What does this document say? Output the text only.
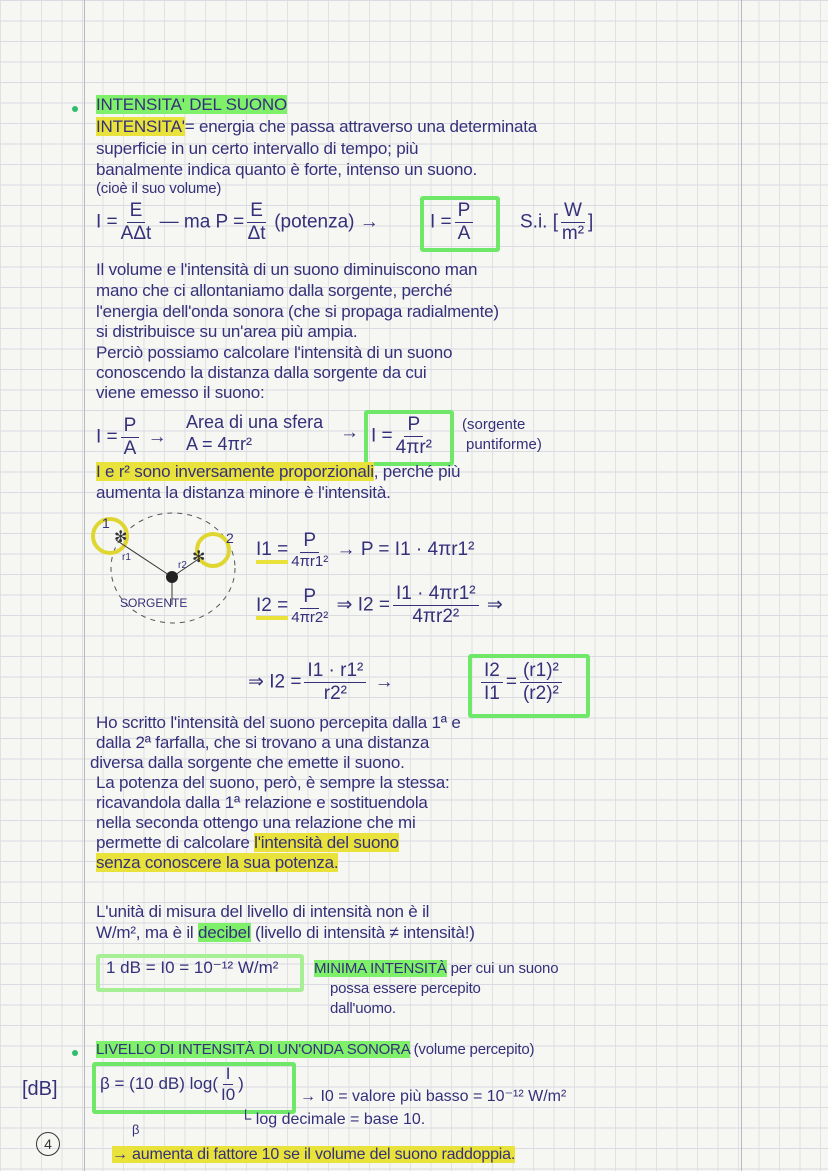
INTENSITA' DEL SUONO
INTENSITA'= energia che passa attraverso una determinata
superficie in un certo intervallo di tempo; più
banalmente indica quanto è forte, intenso un suono.
(cioè il suo volume)
$I = \frac{E}{\text{AΔt}}$ — ma $P = \frac{E}{\Delta t}$ (potenza) →	$I = \frac{P}{A} S.i$. [ $\frac{W}{\text{m²}}$ ]
Il volume e l'intensità di un suono diminuiscono man
mano che ci allontaniamo dalla sorgente, perché
l'energia dell'onda sonora (che si propaga radialmente)
si distribuisce su un'area più ampia.
Perciò possiamo calcolare l'intensità di un suono
conoscendo la distanza dalla sorgente da cui
viene emesso il suono:
$I = \frac{P}{A}$ →
Area di una sfera
A = 4πr²
→ $I = \frac{P}{\text{4πr²}}$ (sorgente
puntiforme)
I e r² sono inversamente proporzionali, perché più
aumenta la distanza minore è l'intensità.
✻
✻
1
2
r1
r2
SORGENTE
$I1 = \frac{P}{\text{4πr1²}} \to P = I1 \cdot 4\pi r1^2$
$I2 = \frac{P}{\text{4πr2²}}$ ⇒ $I2 = \frac{\text{I1 · 4πr1²}}{\text{4πr2²}}$ ⇒
⇒ $I2 = \frac{\text{I1 · r1²}}{\text{r2²}}$ →	$\frac{I2}{I1} = \frac{\text{(r1)²}}{\text{(r2)²}}$
Ho scritto l'intensità del suono percepita dalla 1ª e
dalla 2ª farfalla, che si trovano a una distanza
diversa dalla sorgente che emette il suono.
La potenza del suono, però, è sempre la stessa:
ricavandola dalla 1ª relazione e sostituendola
nella seconda ottengo una relazione che mi
permette di calcolare l'intensità del suono
senza conoscere la sua potenza.
L'unità di misura del livello di intensità non è il
W/m², ma è il decibel (livello di intensità ≠ intensità!)
1 dB = I0 = 10⁻¹² W/m² MINIMA INTENSITÀ per cui un suono
possa essere percepito
dall'uomo.
LIVELLO DI INTENSITÀ DI UN'ONDA SONORA (volume percepito)
[dB] β = (10 dB) $\log( \frac{I}{I0}$ )
→ I0 = valore più basso = 10⁻¹² W/m²
└ log decimale = base 10.
β
4
→ aumenta di fattore 10 se il volume del suono raddoppia.
